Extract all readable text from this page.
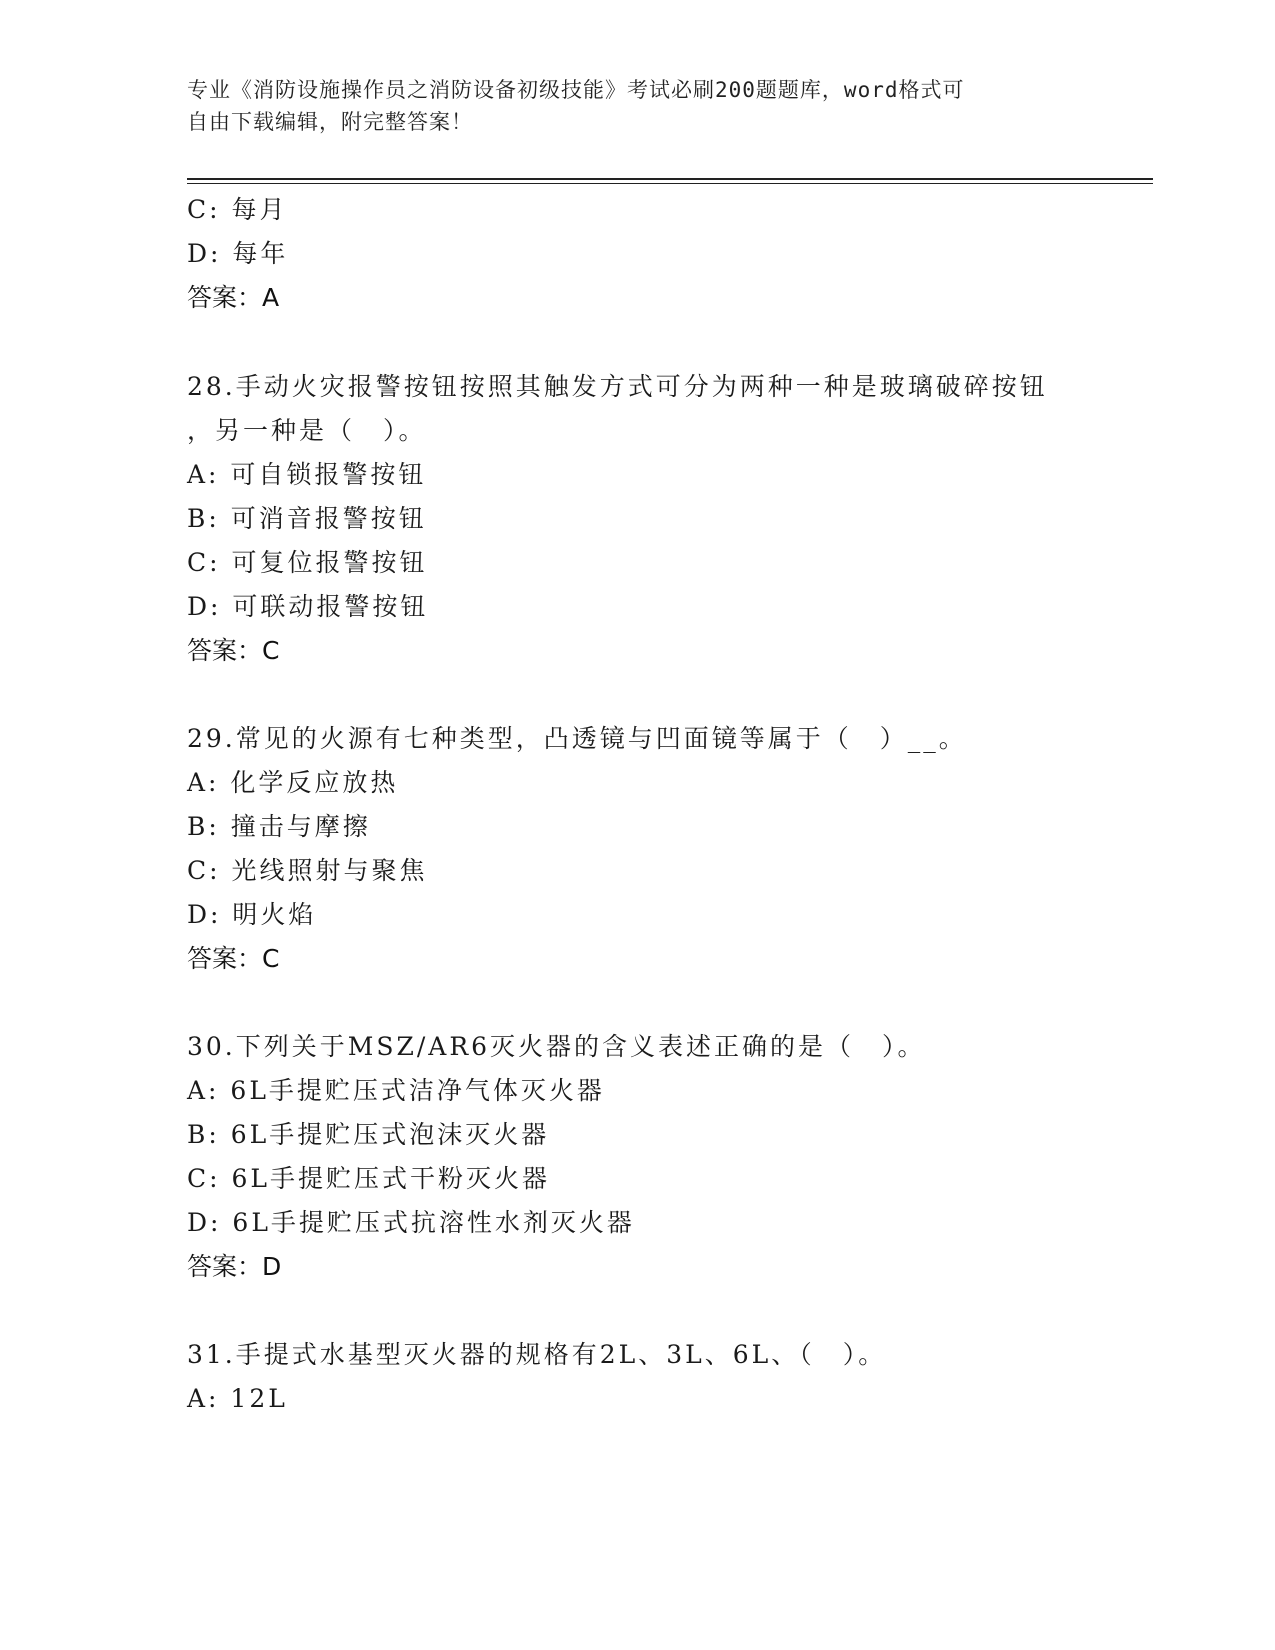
专业《消防设施操作员之消防设备初级技能》考试必刷200题题库，word格式可
自由下载编辑，附完整答案！
C: 每月
D: 每年
答案：A
28.手动火灾报警按钮按照其触发方式可分为两种一种是玻璃破碎按钮
，另一种是（　）。
A: 可自锁报警按钮
B: 可消音报警按钮
C: 可复位报警按钮
D: 可联动报警按钮
答案：C
29.常见的火源有七种类型，凸透镜与凹面镜等属于（　）__。
A: 化学反应放热
B: 撞击与摩擦
C: 光线照射与聚焦
D: 明火焰
答案：C
30.下列关于MSZ/AR6灭火器的含义表述正确的是（　）。
A: 6L手提贮压式洁净气体灭火器
B: 6L手提贮压式泡沫灭火器
C: 6L手提贮压式干粉灭火器
D: 6L手提贮压式抗溶性水剂灭火器
答案：D
31.手提式水基型灭火器的规格有2L、3L、6L、（　）。
A: 12L
